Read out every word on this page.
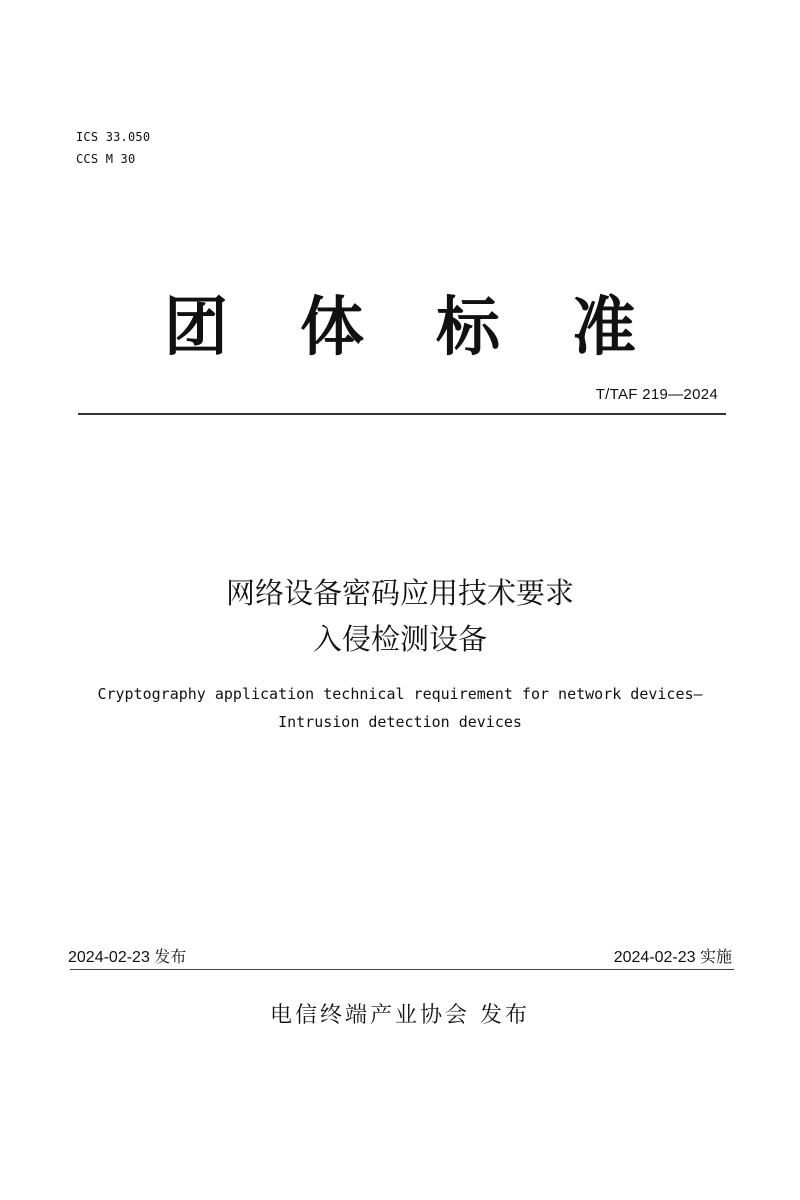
ICS 33.050
CCS M 30
团体标准
T/TAF 219—2024
网络设备密码应用技术要求
入侵检测设备
Cryptography application technical requirement for network devices—
Intrusion detection devices
2024-02-23 发布	2024-02-23 实施
电信终端产业协会 发布
